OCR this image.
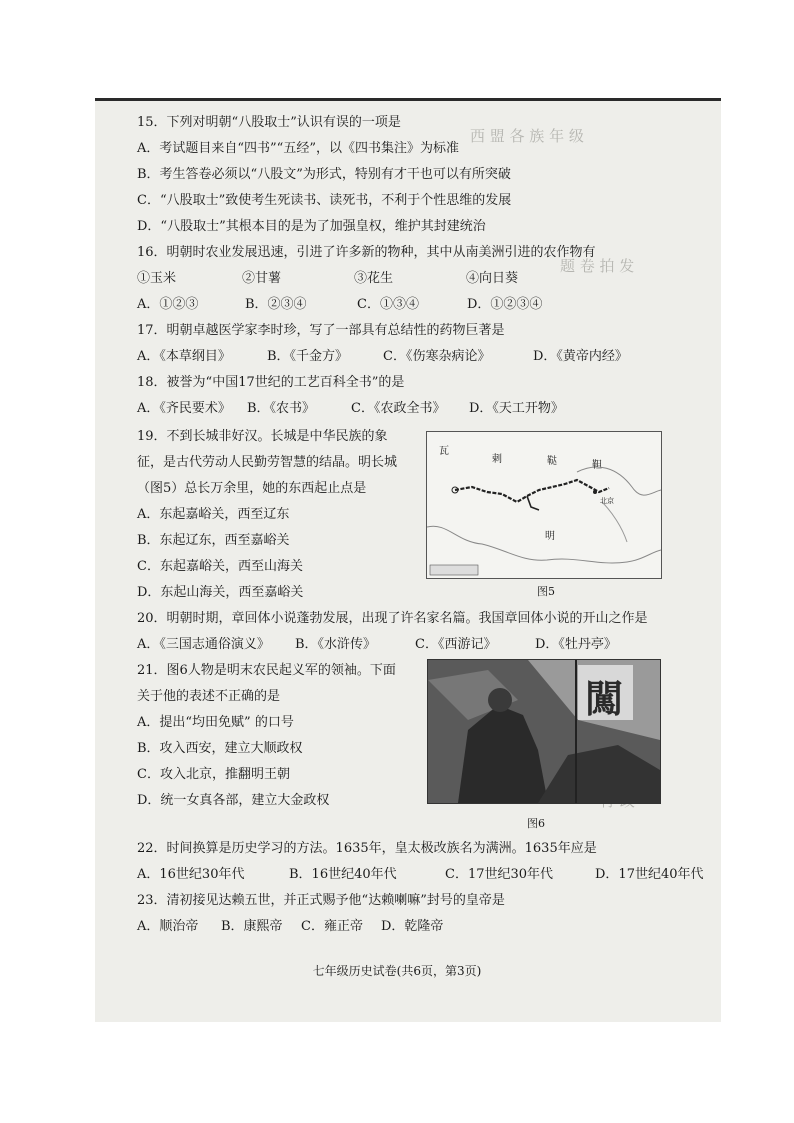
西 盟 各 族 年 级
题 卷 拍 发
15．下列对明朝“八股取士”认识有误的一项是
A．考试题目来自“四书”“五经”，以《四书集注》为标准
B．考生答卷必须以“八股文”为形式，特别有才干也可以有所突破
C．“八股取士”致使考生死读书、读死书，不利于个性思维的发展
D．“八股取士”其根本目的是为了加强皇权，维护其封建统治
16．明朝时农业发展迅速，引进了许多新的物种，其中从南美洲引进的农作物有
①玉米	②甘薯	③花生	④向日葵
A．①②③	B．②③④	C．①③④	D．①②③④
17．明朝卓越医学家李时珍，写了一部具有总结性的药物巨著是
A．《本草纲目》	B．《千金方》	C．《伤寒杂病论》	D．《黄帝内经》
18．被誉为“中国17世纪的工艺百科全书”的是
A．《齐民要术》	B．《农书》	C．《农政全书》	D．《天工开物》
19．不到长城非好汉。长城是中华民族的象
征，是古代劳动人民勤劳智慧的结晶。明长城
（图5）总长万余里，她的东西起止点是
A．东起嘉峪关，西至辽东
B．东起辽东，西至嘉峪关
C．东起嘉峪关，西至山海关
D．东起山海关，西至嘉峪关
瓦
剌	鞑	靼
明
北京
图5
20．明朝时期，章回体小说蓬勃发展，出现了许名家名篇。我国章回体小说的开山之作是
A．《三国志通俗演义》	B．《水浒传》	C．《西游记》	D．《牡丹亭》
21．图6人物是明末农民起义军的领袖。下面
关于他的表述不正确的是
A．提出“均田免赋” 的口号
B．攻入西安，建立大顺政权
C．攻入北京，推翻明王朝
D．统一女真各部，建立大金政权
闖
图6
22．时间换算是历史学习的方法。1635年，皇太极改族名为满洲。1635年应是
A．16世纪30年代	B．16世纪40年代	C．17世纪30年代	D．17世纪40年代
23．清初接见达赖五世，并正式赐予他“达赖喇嘛”封号的皇帝是
A．顺治帝	B．康熙帝	C．雍正帝	D．乾隆帝
七年级历史试卷(共6页，第3页)
